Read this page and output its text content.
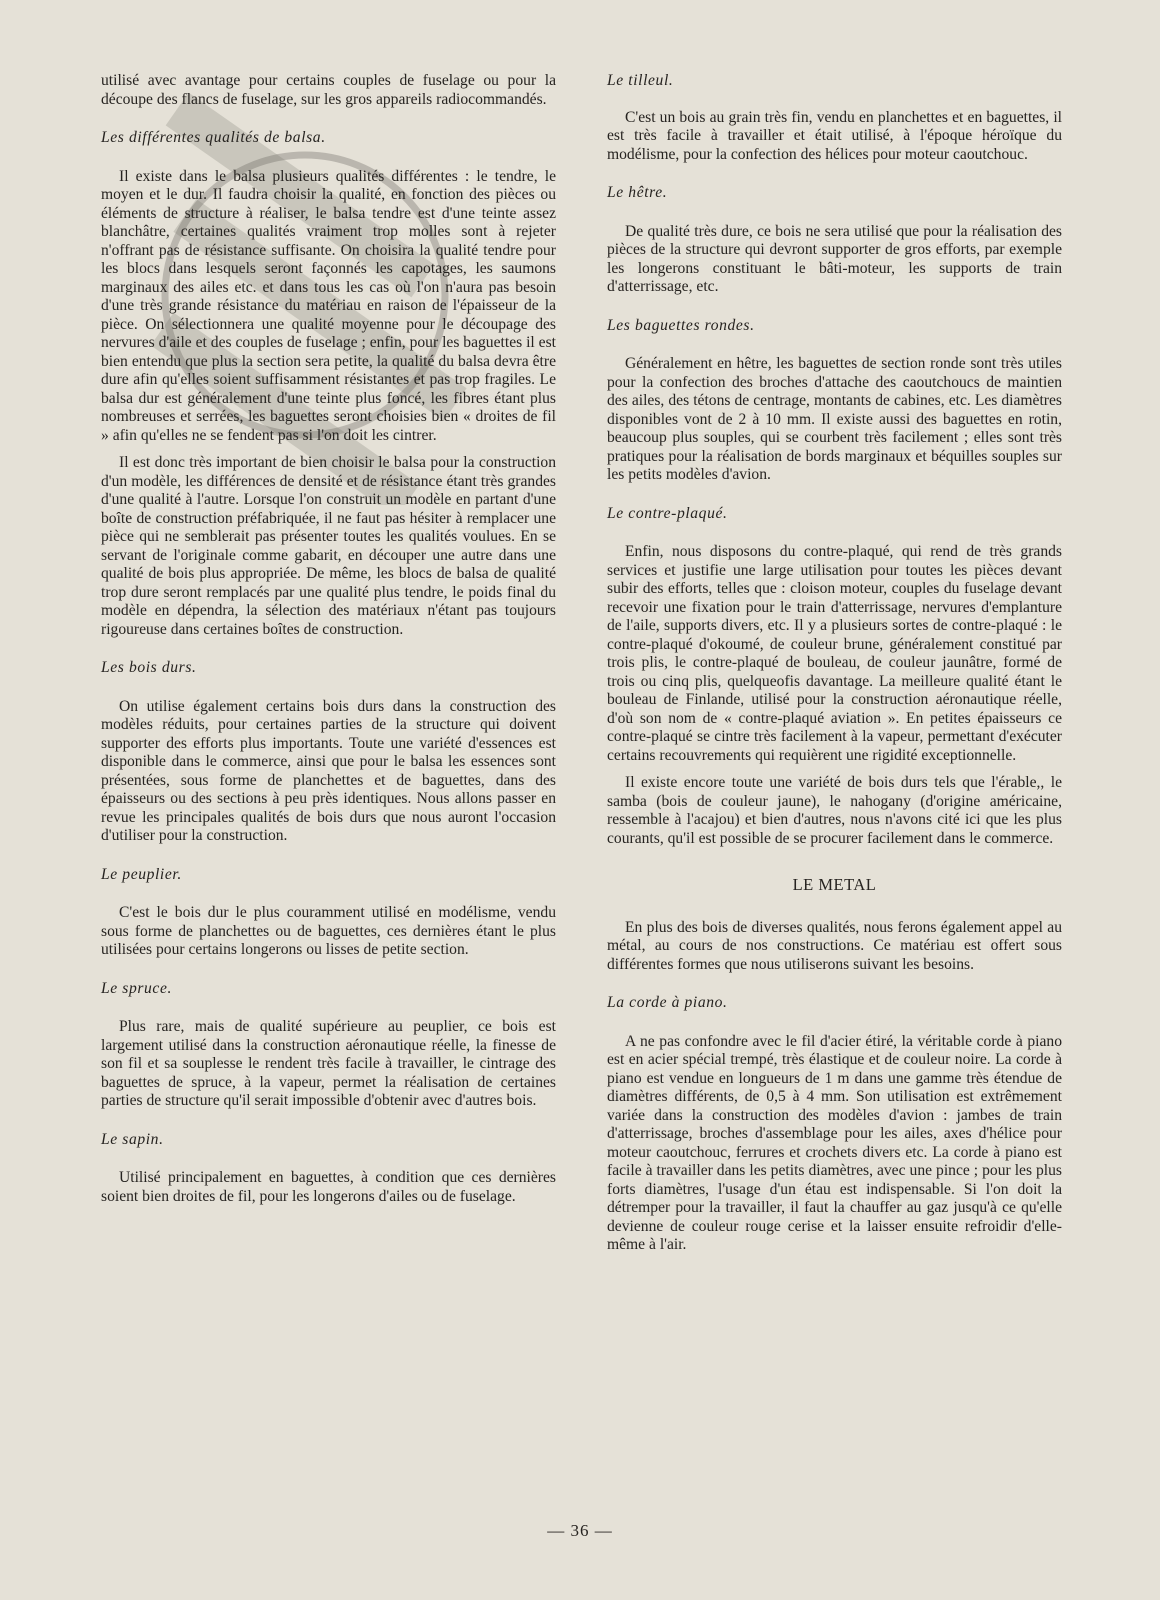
utilisé avec avantage pour certains couples de fuselage ou pour la découpe des flancs de fuselage, sur les gros appareils radiocommandés.

Les différentes qualités de balsa.

Il existe dans le balsa plusieurs qualités différentes : le tendre, le moyen et le dur. Il faudra choisir la qualité, en fonction des pièces ou éléments de structure à réaliser, le balsa tendre est d'une teinte assez blanchâtre, certaines qualités vraiment trop molles sont à rejeter n'offrant pas de résistance suffisante. On choisira la qualité tendre pour les blocs dans lesquels seront façonnés les capotages, les saumons marginaux des ailes etc. et dans tous les cas où l'on n'aura pas besoin d'une très grande résistance du matériau en raison de l'épaisseur de la pièce. On sélectionnera une qualité moyenne pour le découpage des nervures d'aile et des couples de fuselage ; enfin, pour les baguettes il est bien entendu que plus la section sera petite, la qualité du balsa devra être dure afin qu'elles soient suffisamment résistantes et pas trop fragiles. Le balsa dur est généralement d'une teinte plus foncé, les fibres étant plus nombreuses et serrées, les baguettes seront choisies bien « droites de fil » afin qu'elles ne se fendent pas si l'on doit les cintrer.

Il est donc très important de bien choisir le balsa pour la construction d'un modèle, les différences de densité et de résistance étant très grandes d'une qualité à l'autre. Lorsque l'on construit un modèle en partant d'une boîte de construction préfabriquée, il ne faut pas hésiter à remplacer une pièce qui ne semblerait pas présenter toutes les qualités voulues. En se servant de l'originale comme gabarit, en découper une autre dans une qualité de bois plus appropriée. De même, les blocs de balsa de qualité trop dure seront remplacés par une qualité plus tendre, le poids final du modèle en dépendra, la sélection des matériaux n'étant pas toujours rigoureuse dans certaines boîtes de construction.

Les bois durs.

On utilise également certains bois durs dans la construction des modèles réduits, pour certaines parties de la structure qui doivent supporter des efforts plus importants. Toute une variété d'essences est disponible dans le commerce, ainsi que pour le balsa les essences sont présentées, sous forme de planchettes et de baguettes, dans des épaisseurs ou des sections à peu près identiques. Nous allons passer en revue les principales qualités de bois durs que nous auront l'occasion d'utiliser pour la construction.

Le peuplier.

C'est le bois dur le plus couramment utilisé en modélisme, vendu sous forme de planchettes ou de baguettes, ces dernières étant le plus utilisées pour certains longerons ou lisses de petite section.

Le spruce.

Plus rare, mais de qualité supérieure au peuplier, ce bois est largement utilisé dans la construction aéronautique réelle, la finesse de son fil et sa souplesse le rendent très facile à travailler, le cintrage des baguettes de spruce, à la vapeur, permet la réalisation de certaines parties de structure qu'il serait impossible d'obtenir avec d'autres bois.

Le sapin.

Utilisé principalement en baguettes, à condition que ces dernières soient bien droites de fil, pour les longerons d'ailes ou de fuselage.

Le tilleul.

C'est un bois au grain très fin, vendu en planchettes et en baguettes, il est très facile à travailler et était utilisé, à l'époque héroïque du modélisme, pour la confection des hélices pour moteur caoutchouc.

Le hêtre.

De qualité très dure, ce bois ne sera utilisé que pour la réalisation des pièces de la structure qui devront supporter de gros efforts, par exemple les longerons constituant le bâti-moteur, les supports de train d'atterrissage, etc.

Les baguettes rondes.

Généralement en hêtre, les baguettes de section ronde sont très utiles pour la confection des broches d'attache des caoutchoucs de maintien des ailes, des tétons de centrage, montants de cabines, etc. Les diamètres disponibles vont de 2 à 10 mm. Il existe aussi des baguettes en rotin, beaucoup plus souples, qui se courbent très facilement ; elles sont très pratiques pour la réalisation de bords marginaux et béquilles souples sur les petits modèles d'avion.

Le contre-plaqué.

Enfin, nous disposons du contre-plaqué, qui rend de très grands services et justifie une large utilisation pour toutes les pièces devant subir des efforts, telles que : cloison moteur, couples du fuselage devant recevoir une fixation pour le train d'atterrissage, nervures d'emplanture de l'aile, supports divers, etc. Il y a plusieurs sortes de contre-plaqué : le contre-plaqué d'okoumé, de couleur brune, généralement constitué par trois plis, le contre-plaqué de bouleau, de couleur jaunâtre, formé de trois ou cinq plis, quelqueofis davantage. La meilleure qualité étant le bouleau de Finlande, utilisé pour la construction aéronautique réelle, d'où son nom de « contre-plaqué aviation ». En petites épaisseurs ce contre-plaqué se cintre très facilement à la vapeur, permettant d'exécuter certains recouvrements qui requièrent une rigidité exceptionnelle.

Il existe encore toute une variété de bois durs tels que l'érable,, le samba (bois de couleur jaune), le nahogany (d'origine américaine, ressemble à l'acajou) et bien d'autres, nous n'avons cité ici que les plus courants, qu'il est possible de se procurer facilement dans le commerce.

LE METAL

En plus des bois de diverses qualités, nous ferons également appel au métal, au cours de nos constructions. Ce matériau est offert sous différentes formes que nous utiliserons suivant les besoins.

La corde à piano.

A ne pas confondre avec le fil d'acier étiré, la véritable corde à piano est en acier spécial trempé, très élastique et de couleur noire. La corde à piano est vendue en longueurs de 1 m dans une gamme très étendue de diamètres différents, de 0,5 à 4 mm. Son utilisation est extrêmement variée dans la construction des modèles d'avion : jambes de train d'atterrissage, broches d'assemblage pour les ailes, axes d'hélice pour moteur caoutchouc, ferrures et crochets divers etc. La corde à piano est facile à travailler dans les petits diamètres, avec une pince ; pour les plus forts diamètres, l'usage d'un étau est indispensable. Si l'on doit la détremper pour la travailler, il faut la chauffer au gaz jusqu'à ce qu'elle devienne de couleur rouge cerise et la laisser ensuite refroidir d'elle-même à l'air.

— 36 —
